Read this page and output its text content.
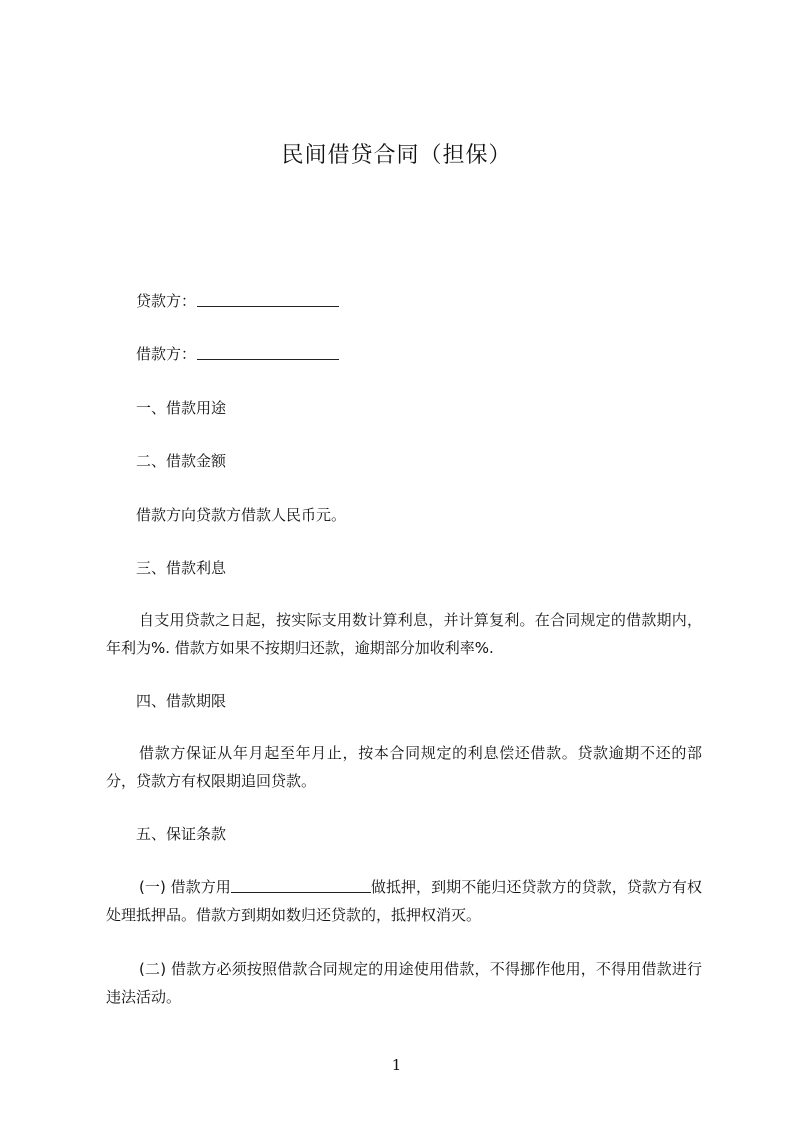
民间借贷合同（担保）
贷款方：
借款方：
一、借款用途
二、借款金额
借款方向贷款方借款人民币元。
三、借款利息
自支用贷款之日起，按实际支用数计算利息，并计算复利。在合同规定的借款期内，年利为%. 借款方如果不按期归还款，逾期部分加收利率%.
四、借款期限
借款方保证从年月起至年月止，按本合同规定的利息偿还借款。贷款逾期不还的部分，贷款方有权限期追回贷款。
五、保证条款
(一) 借款方用	做抵押，到期不能归还贷款方的贷款，贷款方有权处理抵押品。借款方到期如数归还贷款的，抵押权消灭。
(二) 借款方必须按照借款合同规定的用途使用借款，不得挪作他用，不得用借款进行违法活动。
1
